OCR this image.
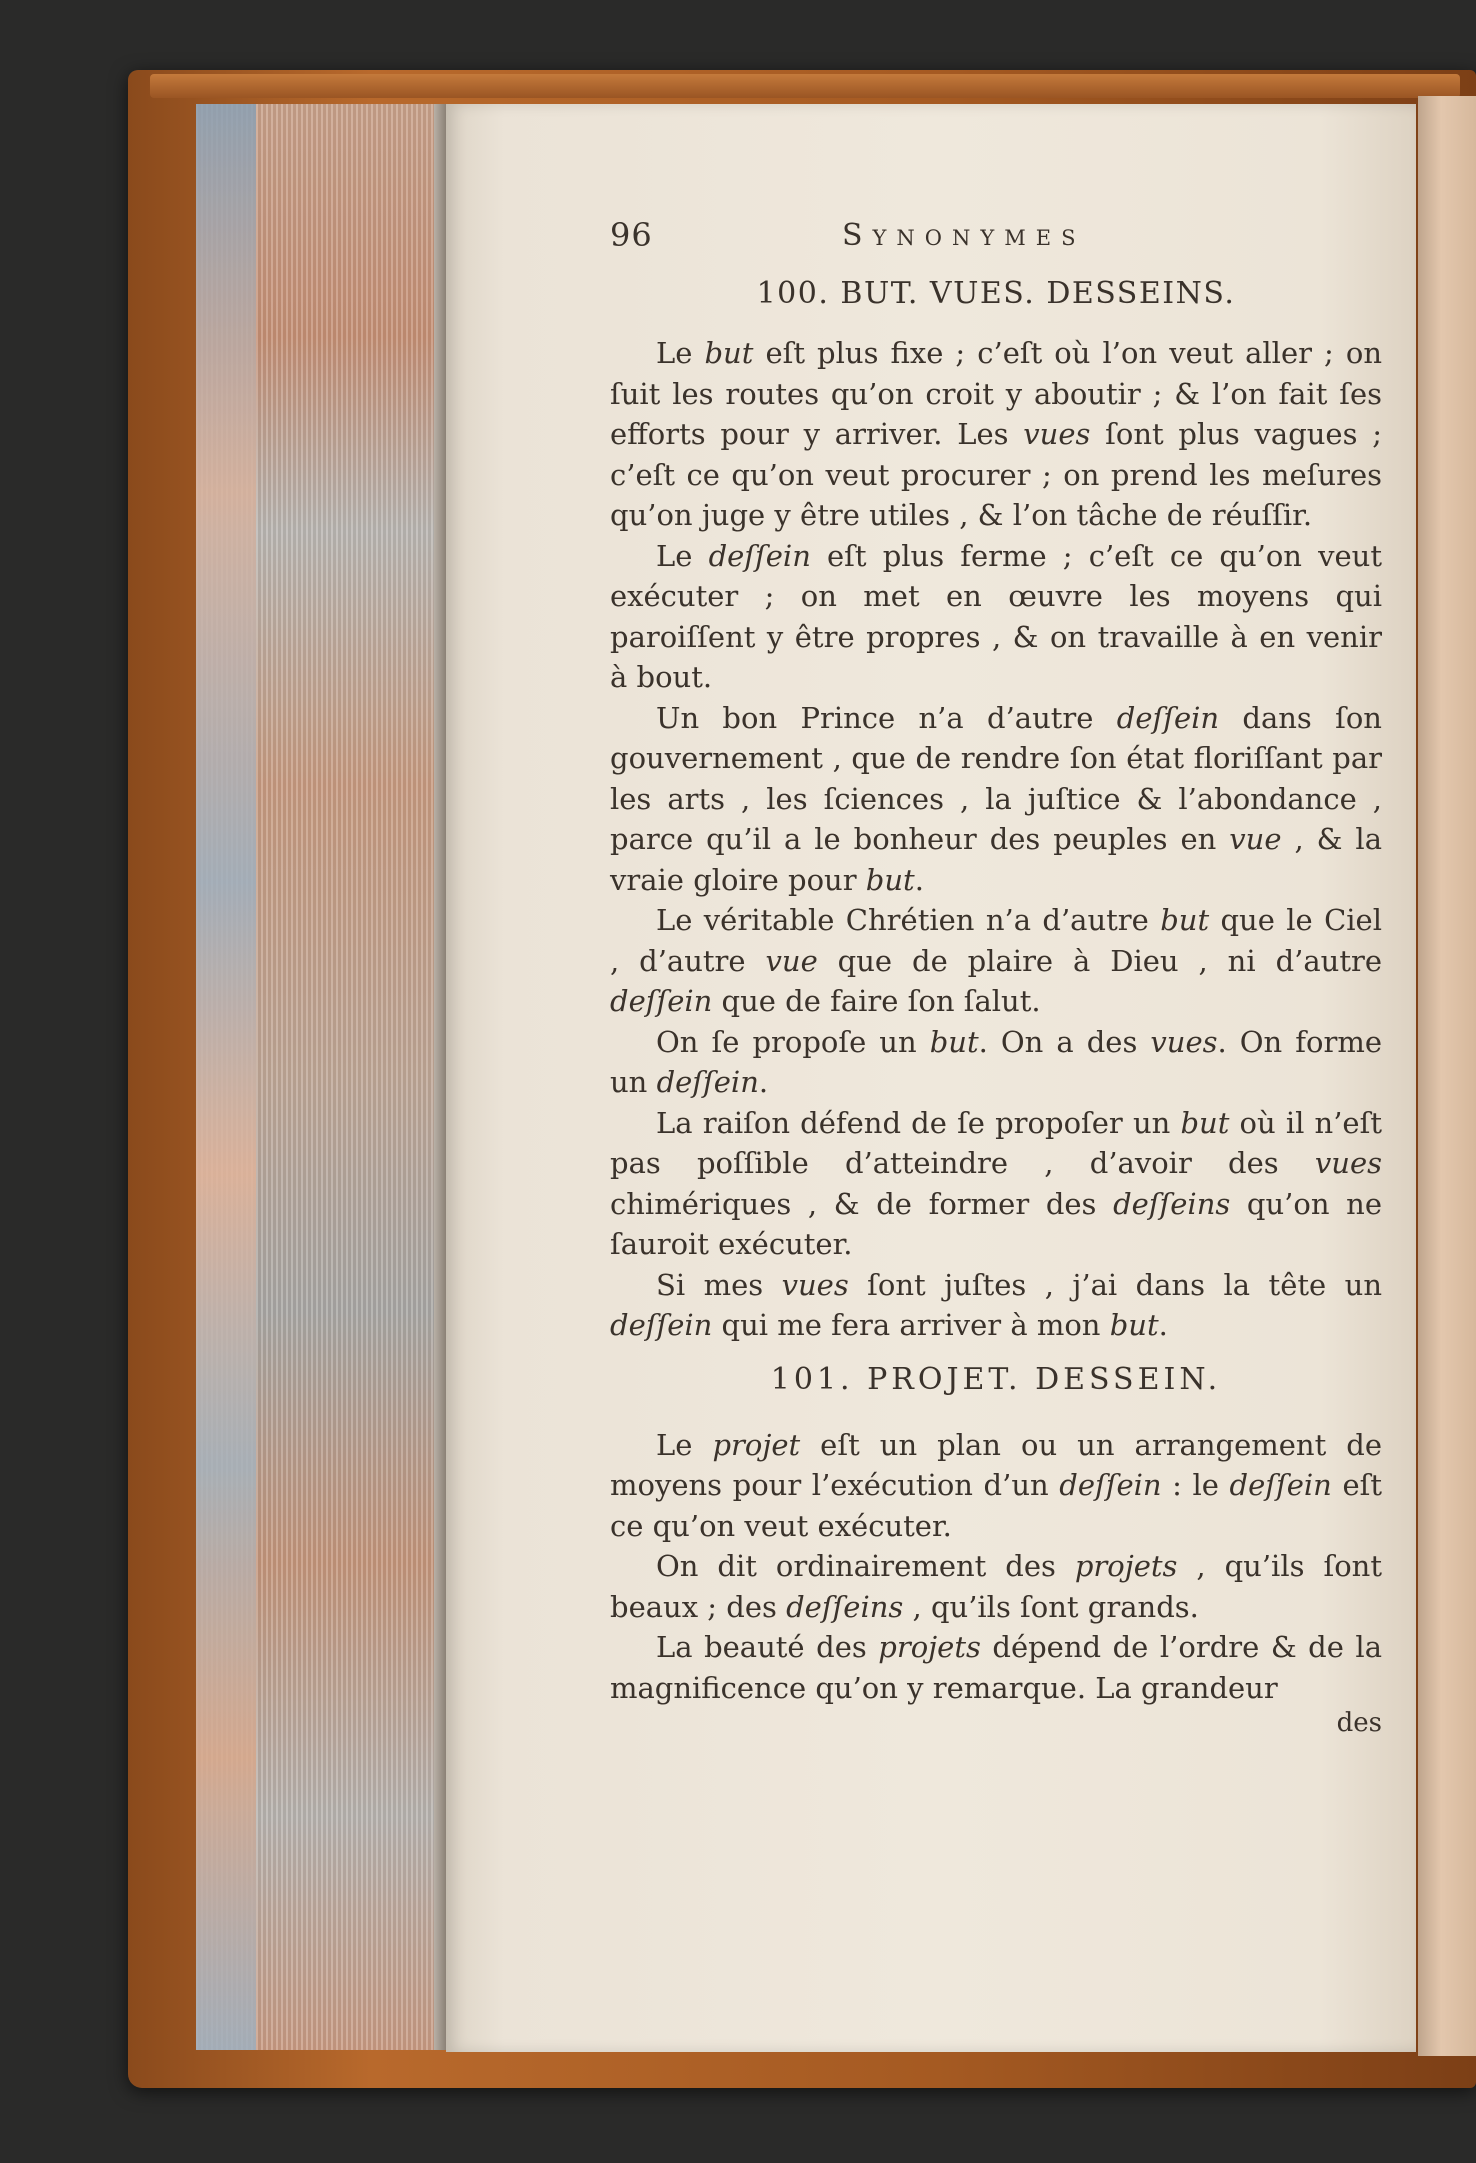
96	Synonymes
100. BUT. VUES. DESSEINS.

Le but eſt plus fixe ; c’eſt où l’on veut aller ; on ſuit les routes qu’on croit y aboutir ; & l’on fait ſes efforts pour y arriver. Les vues ſont plus vagues ; c’eſt ce qu’on veut procurer ; on prend les meſures qu’on juge y être utiles , & l’on tâche de réuſſir.

Le deſſein eſt plus ferme ; c’eſt ce qu’on veut exécuter ; on met en œuvre les moyens qui paroiſſent y être propres , & on travaille à en venir à bout.

Un bon Prince n’a d’autre deſſein dans ſon gouvernement , que de rendre ſon état floriſſant par les arts , les ſciences , la juſtice & l’abondance , parce qu’il a le bonheur des peuples en vue , & la vraie gloire pour but.

Le véritable Chrétien n’a d’autre but que le Ciel , d’autre vue que de plaire à Dieu , ni d’autre deſſein que de faire ſon ſalut.

On ſe propoſe un but. On a des vues. On forme un deſſein.

La raiſon défend de ſe propoſer un but où il n’eſt pas poſſible d’atteindre , d’avoir des vues chimériques , & de former des deſſeins qu’on ne ſauroit exécuter.

Si mes vues ſont juſtes , j’ai dans la tête un deſſein qui me fera arriver à mon but.

101. PROJET. DESSEIN.

Le projet eſt un plan ou un arrangement de moyens pour l’exécution d’un deſſein : le deſſein eſt ce qu’on veut exécuter.

On dit ordinairement des projets , qu’ils ſont beaux ; des deſſeins , qu’ils ſont grands.

La beauté des projets dépend de l’ordre & de la magnificence qu’on y remarque. La grandeur

des
